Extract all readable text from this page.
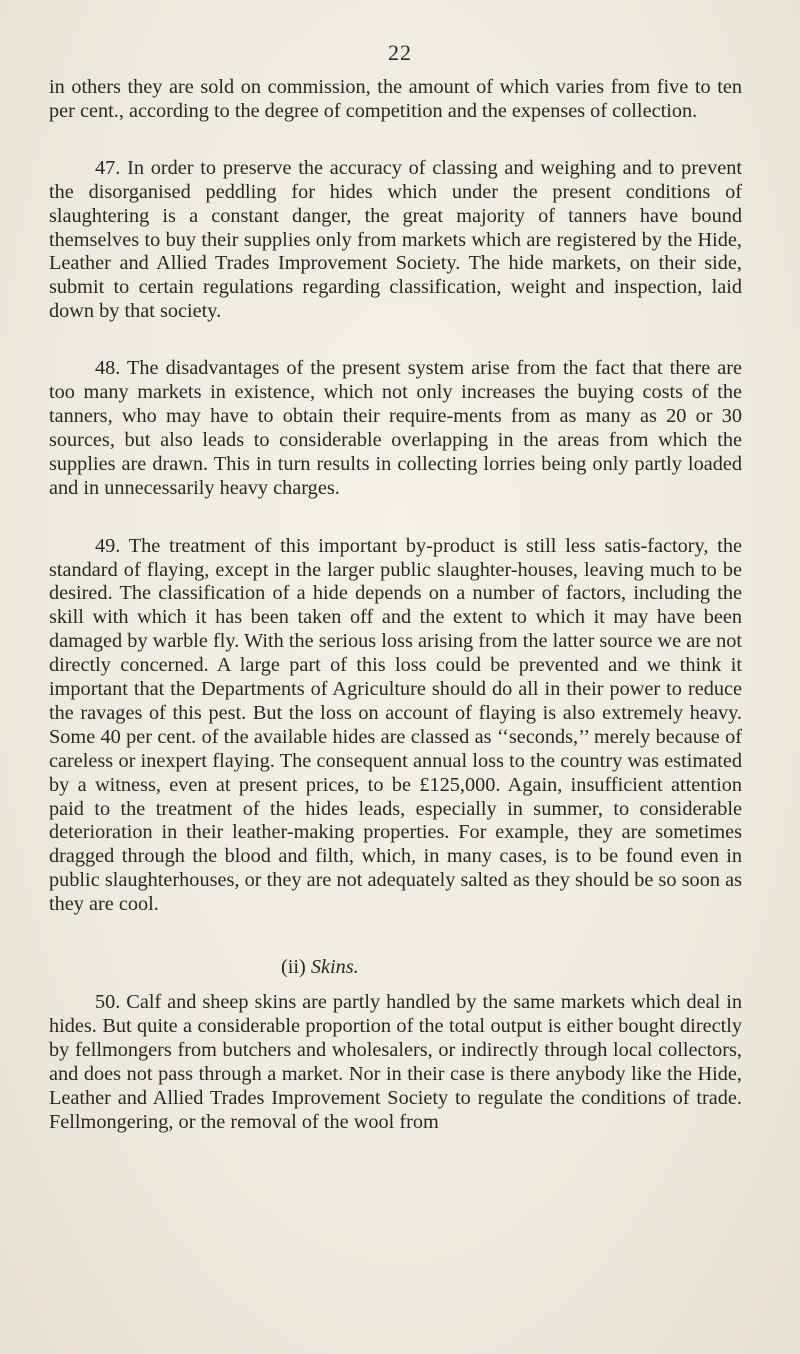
22

in others they are sold on commission, the amount of which varies from five to ten per cent., according to the degree of competition and the expenses of collection.

47. In order to preserve the accuracy of classing and weighing and to prevent the disorganised peddling for hides which under the present conditions of slaughtering is a constant danger, the great majority of tanners have bound themselves to buy their supplies only from markets which are registered by the Hide, Leather and Allied Trades Improvement Society. The hide markets, on their side, submit to certain regulations regarding classification, weight and inspection, laid down by that society.

48. The disadvantages of the present system arise from the fact that there are too many markets in existence, which not only increases the buying costs of the tanners, who may have to obtain their require-ments from as many as 20 or 30 sources, but also leads to considerable overlapping in the areas from which the supplies are drawn. This in turn results in collecting lorries being only partly loaded and in unnecessarily heavy charges.

49. The treatment of this important by-product is still less satis-factory, the standard of flaying, except in the larger public slaughter-houses, leaving much to be desired. The classification of a hide depends on a number of factors, including the skill with which it has been taken off and the extent to which it may have been damaged by warble fly. With the serious loss arising from the latter source we are not directly concerned. A large part of this loss could be prevented and we think it important that the Departments of Agriculture should do all in their power to reduce the ravages of this pest. But the loss on account of flaying is also extremely heavy. Some 40 per cent. of the available hides are classed as ‘‘seconds,’’ merely because of careless or inexpert flaying. The consequent annual loss to the country was estimated by a witness, even at present prices, to be £125,000. Again, insufficient attention paid to the treatment of the hides leads, especially in summer, to considerable deterioration in their leather-making properties. For example, they are sometimes dragged through the blood and filth, which, in many cases, is to be found even in public slaughterhouses, or they are not adequately salted as they should be so soon as they are cool.

(ii) Skins.

50. Calf and sheep skins are partly handled by the same markets which deal in hides. But quite a considerable proportion of the total output is either bought directly by fellmongers from butchers and wholesalers, or indirectly through local collectors, and does not pass through a market. Nor in their case is there anybody like the Hide, Leather and Allied Trades Improvement Society to regulate the conditions of trade. Fellmongering, or the removal of the wool from
